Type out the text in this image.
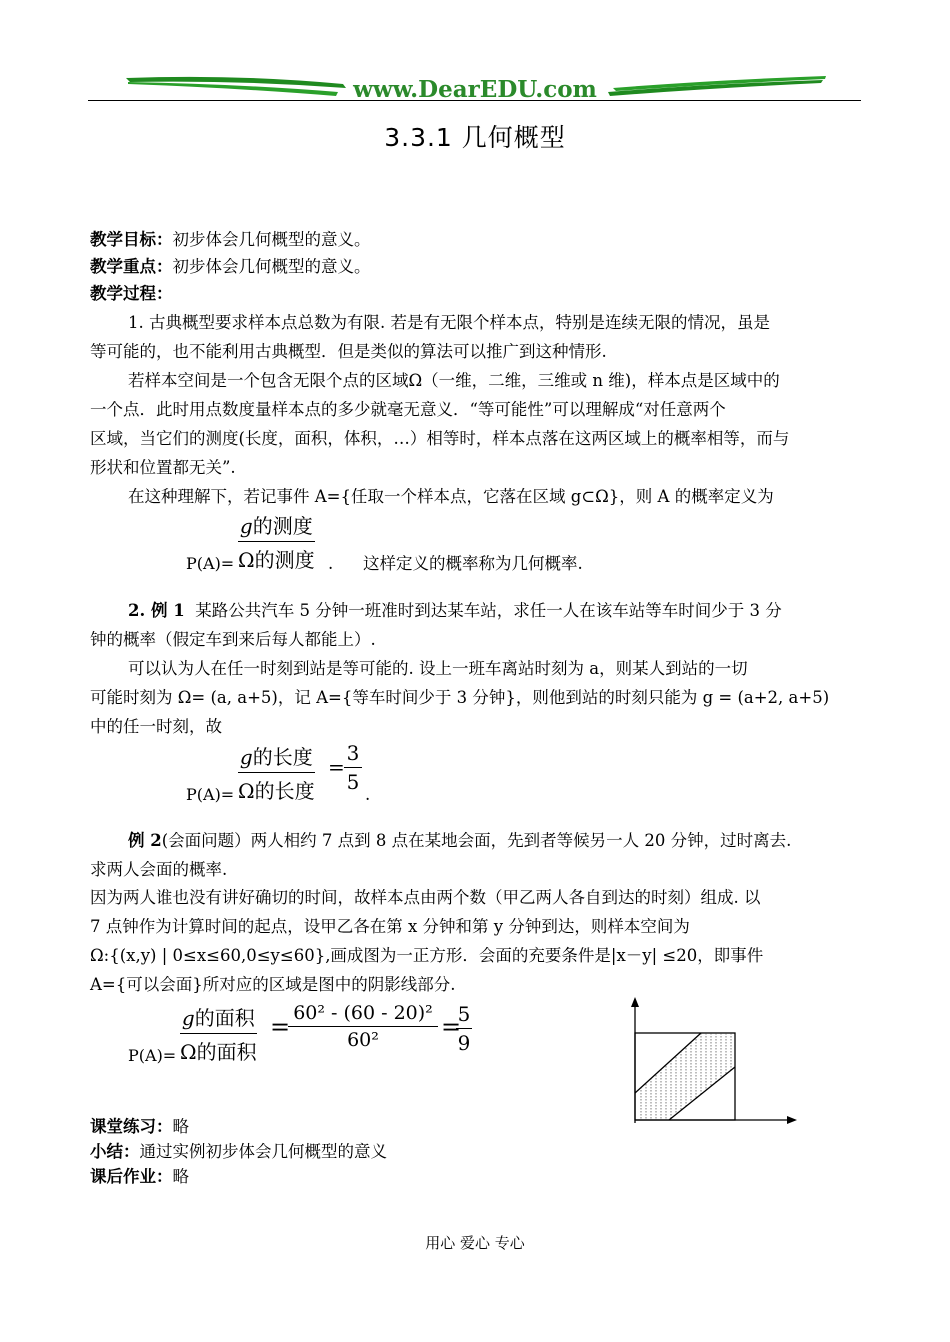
www.DearEDU.com
3.3.1 几何概型
教学目标：初步体会几何概型的意义。
教学重点：初步体会几何概型的意义。
教学过程：
1. 古典概型要求样本点总数为有限. 若是有无限个样本点，特别是连续无限的情况，虽是
等可能的，也不能利用古典概型．但是类似的算法可以推广到这种情形.
若样本空间是一个包含无限个点的区域Ω（一维，二维，三维或 n 维)，样本点是区域中的
一个点．此时用点数度量样本点的多少就毫无意义．“等可能性”可以理解成“对任意两个
区域，当它们的测度(长度，面积，体积，…）相等时，样本点落在这两区域上的概率相等，而与
形状和位置都无关”.
在这种理解下，若记事件 A={任取一个样本点，它落在区域 g⊂Ω}，则 A 的概率定义为
P(A)=
g的测度
Ω的测度 . 这样定义的概率称为几何概率.
2. 例 1 某路公共汽车 5 分钟一班准时到达某车站，求任一人在该车站等车时间少于 3 分
钟的概率（假定车到来后每人都能上）.
可以认为人在任一时刻到站是等可能的. 设上一班车离站时刻为 a，则某人到站的一切
可能时刻为 Ω= (a, a+5)，记 A={等车时间少于 3 分钟}，则他到站的时刻只能为 g = (a+2, a+5)
中的任一时刻，故
P(A)=
g的长度
Ω的长度
=
3
5
.
例 2(会面问题）两人相约 7 点到 8 点在某地会面，先到者等候另一人 20 分钟，过时离去.
求两人会面的概率.
因为两人谁也没有讲好确切的时间，故样本点由两个数（甲乙两人各自到达的时刻）组成. 以
7 点钟作为计算时间的起点，设甲乙各在第 x 分钟和第 y 分钟到达，则样本空间为
Ω:{(x,y) | 0≤x≤60,0≤y≤60},画成图为一正方形．会面的充要条件是|x－y| ≤20，即事件
A={可以会面}所对应的区域是图中的阴影线部分.
P(A)=
g的面积
Ω的面积
= 60² - (60 - 20)²
60²	=
5
9
课堂练习：略
小结：通过实例初步体会几何概型的意义
课后作业：略
用心 爱心 专心
